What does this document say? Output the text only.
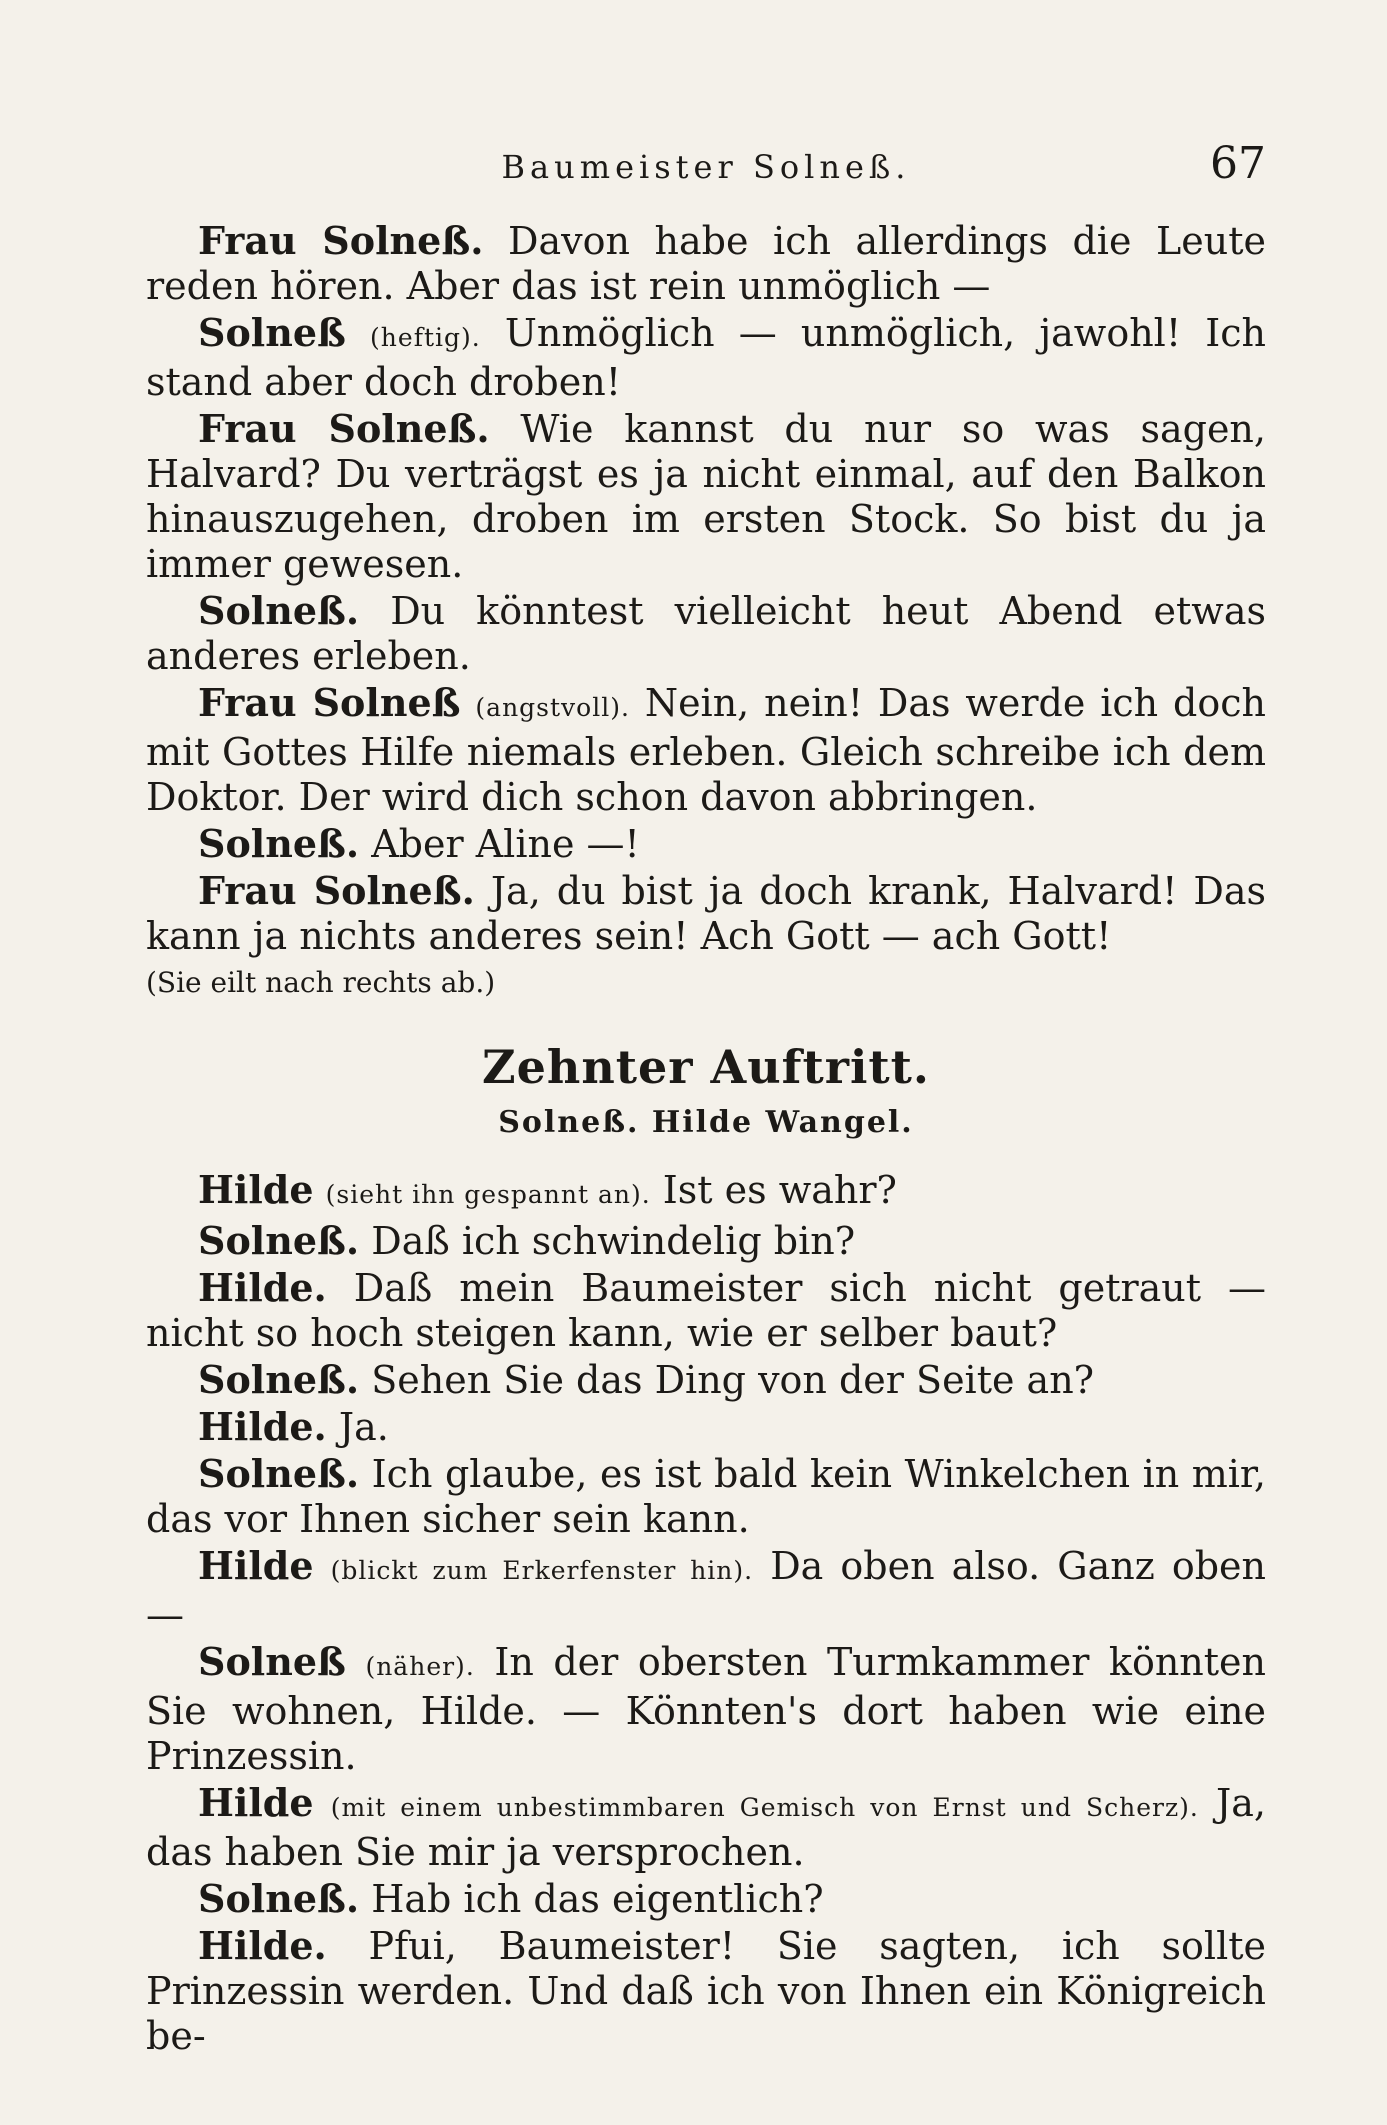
Baumeister Solneß.	67

Frau Solneß. Davon habe ich allerdings die Leute reden hören. Aber das ist rein unmöglich —

Solneß (heftig). Unmöglich — unmöglich, jawohl! Ich stand aber doch droben!

Frau Solneß. Wie kannst du nur so was sagen, Halvard? Du verträgst es ja nicht einmal, auf den Balkon hinauszugehen, droben im ersten Stock. So bist du ja immer gewesen.

Solneß. Du könntest vielleicht heut Abend etwas anderes erleben.

Frau Solneß (angstvoll). Nein, nein! Das werde ich doch mit Gottes Hilfe niemals erleben. Gleich schreibe ich dem Doktor. Der wird dich schon davon abbringen.

Solneß. Aber Aline —!

Frau Solneß. Ja, du bist ja doch krank, Halvard! Das kann ja nichts anderes sein! Ach Gott — ach Gott!

(Sie eilt nach rechts ab.)
Zehnter Auftritt.
Solneß. Hilde Wangel.

Hilde (sieht ihn gespannt an). Ist es wahr?

Solneß. Daß ich schwindelig bin?

Hilde. Daß mein Baumeister sich nicht getraut — nicht so hoch steigen kann, wie er selber baut?

Solneß. Sehen Sie das Ding von der Seite an?

Hilde. Ja.

Solneß. Ich glaube, es ist bald kein Winkelchen in mir, das vor Ihnen sicher sein kann.

Hilde (blickt zum Erkerfenster hin). Da oben also. Ganz oben —

Solneß (näher). In der obersten Turmkammer könnten Sie wohnen, Hilde. — Könnten's dort haben wie eine Prinzessin.

Hilde (mit einem unbestimmbaren Gemisch von Ernst und Scherz). Ja, das haben Sie mir ja versprochen.

Solneß. Hab ich das eigentlich?

Hilde. Pfui, Baumeister! Sie sagten, ich sollte Prinzessin werden. Und daß ich von Ihnen ein Königreich be-
